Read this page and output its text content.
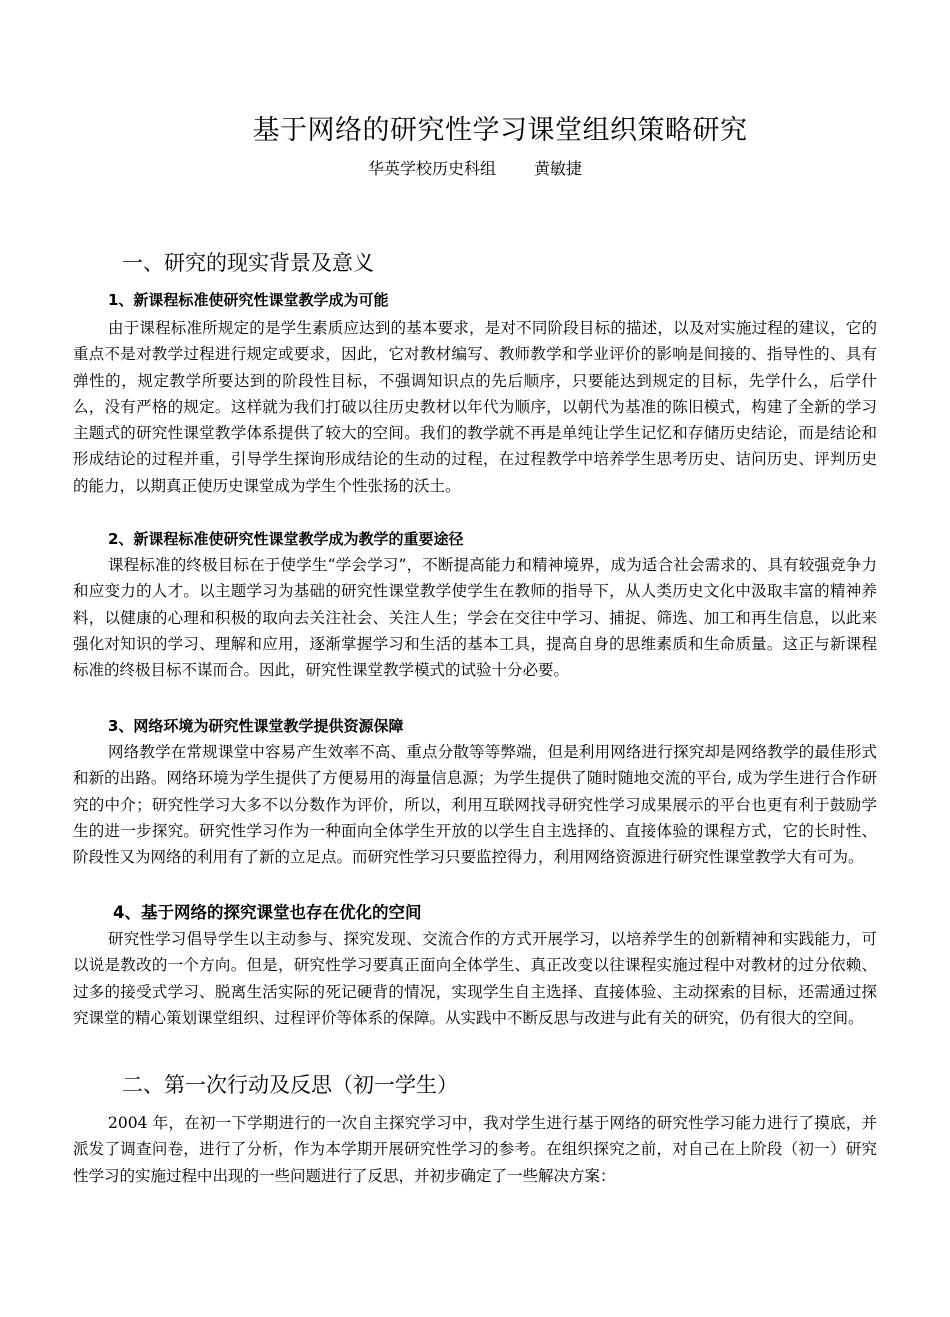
基于网络的研究性学习课堂组织策略研究
华英学校历史科组 黄敏捷
一、研究的现实背景及意义
1、新课程标准使研究性课堂教学成为可能

由于课程标准所规定的是学生素质应达到的基本要求，是对不同阶段目标的描述，以及对实施过程的建议，它的重点不是对教学过程进行规定或要求，因此，它对教材编写、教师教学和学业评价的影响是间接的、指导性的、具有弹性的，规定教学所要达到的阶段性目标，不强调知识点的先后顺序，只要能达到规定的目标，先学什么，后学什么，没有严格的规定。这样就为我们打破以往历史教材以年代为顺序，以朝代为基准的陈旧模式，构建了全新的学习主题式的研究性课堂教学体系提供了较大的空间。我们的教学就不再是单纯让学生记忆和存储历史结论，而是结论和形成结论的过程并重，引导学生探询形成结论的生动的过程，在过程教学中培养学生思考历史、诘问历史、评判历史的能力，以期真正使历史课堂成为学生个性张扬的沃土。

2、新课程标准使研究性课堂教学成为教学的重要途径

课程标准的终极目标在于使学生“学会学习”，不断提高能力和精神境界，成为适合社会需求的、具有较强竞争力和应变力的人才。以主题学习为基础的研究性课堂教学使学生在教师的指导下，从人类历史文化中汲取丰富的精神养料，以健康的心理和积极的取向去关注社会、关注人生；学会在交往中学习、捕捉、筛选、加工和再生信息，以此来强化对知识的学习、理解和应用，逐渐掌握学习和生活的基本工具，提高自身的思维素质和生命质量。这正与新课程标准的终极目标不谋而合。因此，研究性课堂教学模式的试验十分必要。

3、网络环境为研究性课堂教学提供资源保障

网络教学在常规课堂中容易产生效率不高、重点分散等等弊端，但是利用网络进行探究却是网络教学的最佳形式和新的出路。网络环境为学生提供了方便易用的海量信息源；为学生提供了随时随地交流的平台, 成为学生进行合作研究的中介；研究性学习大多不以分数作为评价，所以，利用互联网找寻研究性学习成果展示的平台也更有利于鼓励学生的进一步探究。研究性学习作为一种面向全体学生开放的以学生自主选择的、直接体验的课程方式，它的长时性、阶段性又为网络的利用有了新的立足点。而研究性学习只要监控得力，利用网络资源进行研究性课堂教学大有可为。

4、基于网络的探究课堂也存在优化的空间

研究性学习倡导学生以主动参与、探究发现、交流合作的方式开展学习，以培养学生的创新精神和实践能力，可以说是教改的一个方向。但是，研究性学习要真正面向全体学生、真正改变以往课程实施过程中对教材的过分依赖、过多的接受式学习、脱离生活实际的死记硬背的情况，实现学生自主选择、直接体验、主动探索的目标，还需通过探究课堂的精心策划课堂组织、过程评价等体系的保障。从实践中不断反思与改进与此有关的研究，仍有很大的空间。

二、第一次行动及反思（初一学生）

2004 年，在初一下学期进行的一次自主探究学习中，我对学生进行基于网络的研究性学习能力进行了摸底，并派发了调查问卷，进行了分析，作为本学期开展研究性学习的参考。在组织探究之前，对自己在上阶段（初一）研究性学习的实施过程中出现的一些问题进行了反思，并初步确定了一些解决方案：
